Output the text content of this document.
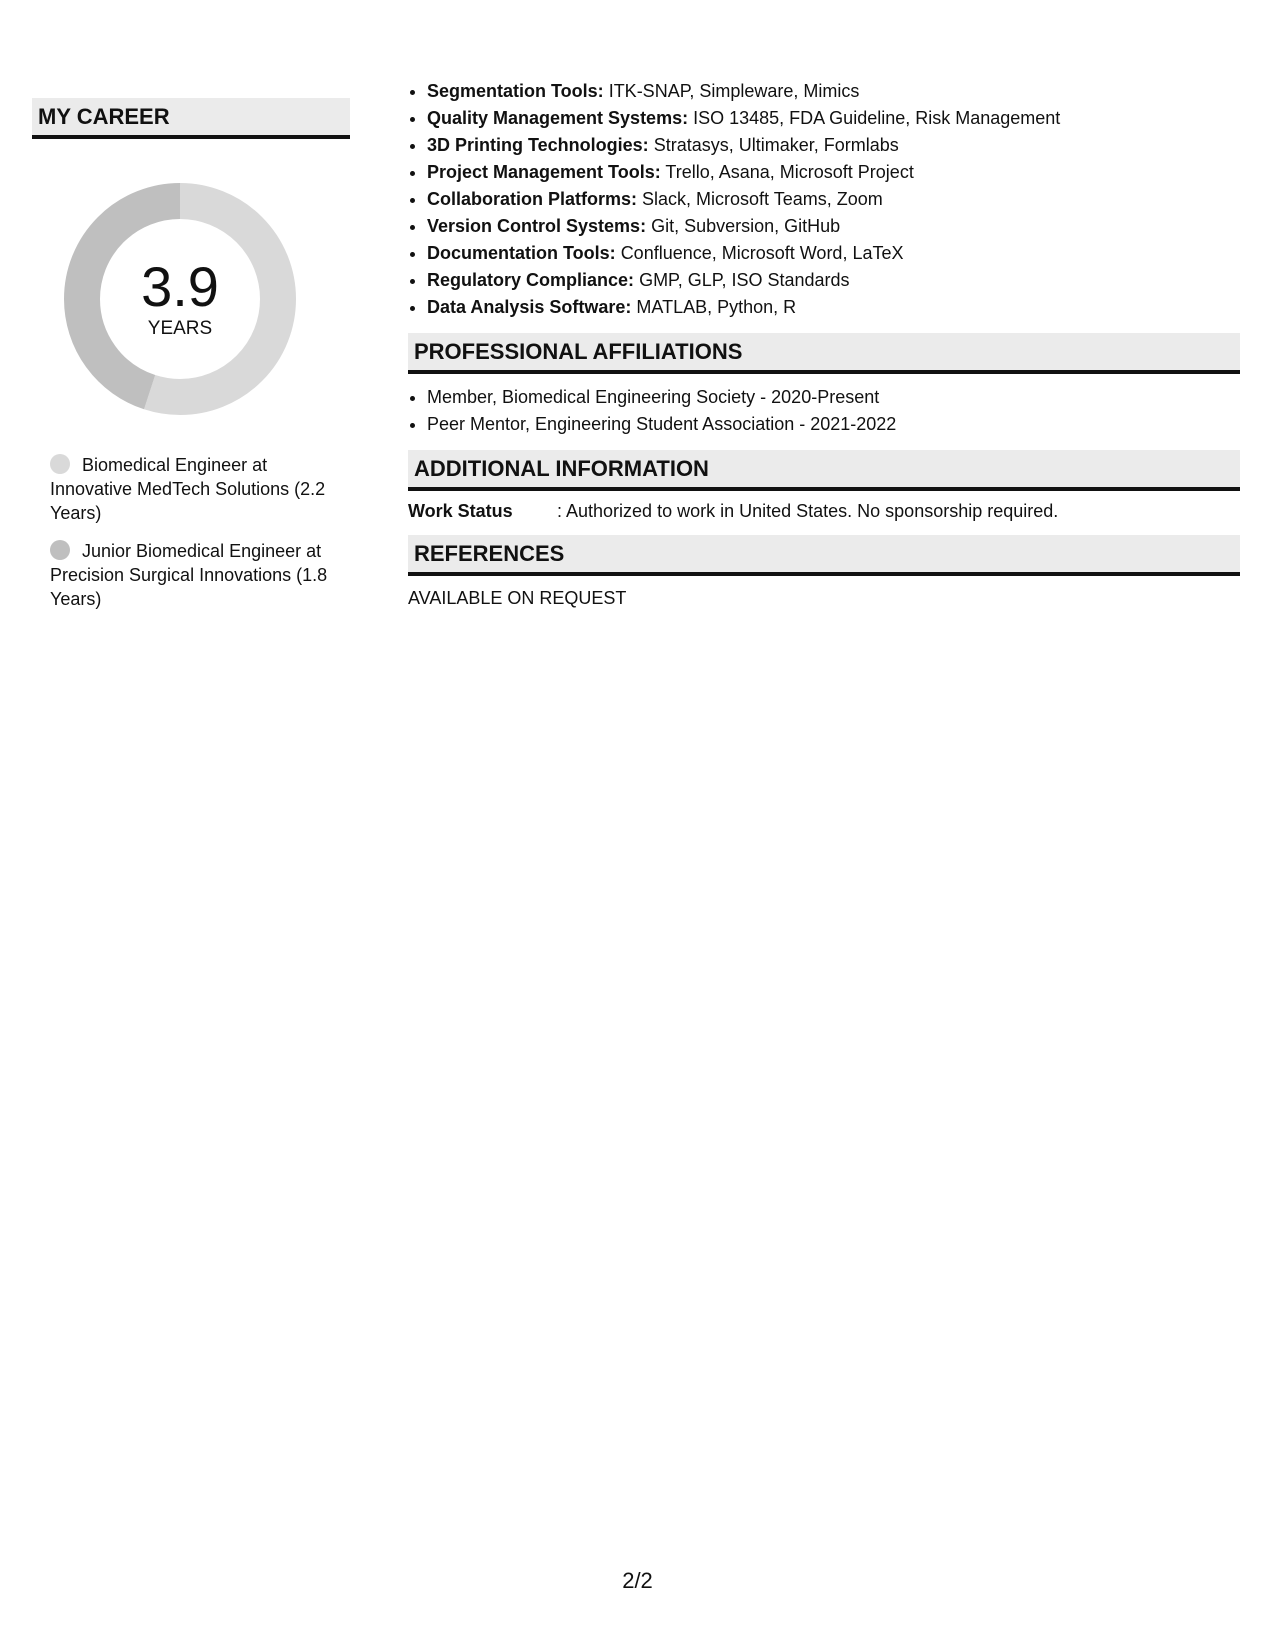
MY CAREER
3.9
YEARS
Biomedical Engineer at Innovative MedTech Solutions (2.2 Years)
Junior Biomedical Engineer at Precision Surgical Innovations (1.8 Years)
• Segmentation Tools: ITK-SNAP, Simpleware, Mimics
• Quality Management Systems: ISO 13485, FDA Guideline, Risk Management
• 3D Printing Technologies: Stratasys, Ultimaker, Formlabs
• Project Management Tools: Trello, Asana, Microsoft Project
• Collaboration Platforms: Slack, Microsoft Teams, Zoom
• Version Control Systems: Git, Subversion, GitHub
• Documentation Tools: Confluence, Microsoft Word, LaTeX
• Regulatory Compliance: GMP, GLP, ISO Standards
• Data Analysis Software: MATLAB, Python, R
PROFESSIONAL AFFILIATIONS
• Member, Biomedical Engineering Society - 2020-Present
• Peer Mentor, Engineering Student Association - 2021-2022
ADDITIONAL INFORMATION
Work Status	: Authorized to work in United States. No sponsorship required.
REFERENCES
AVAILABLE ON REQUEST
2/2
